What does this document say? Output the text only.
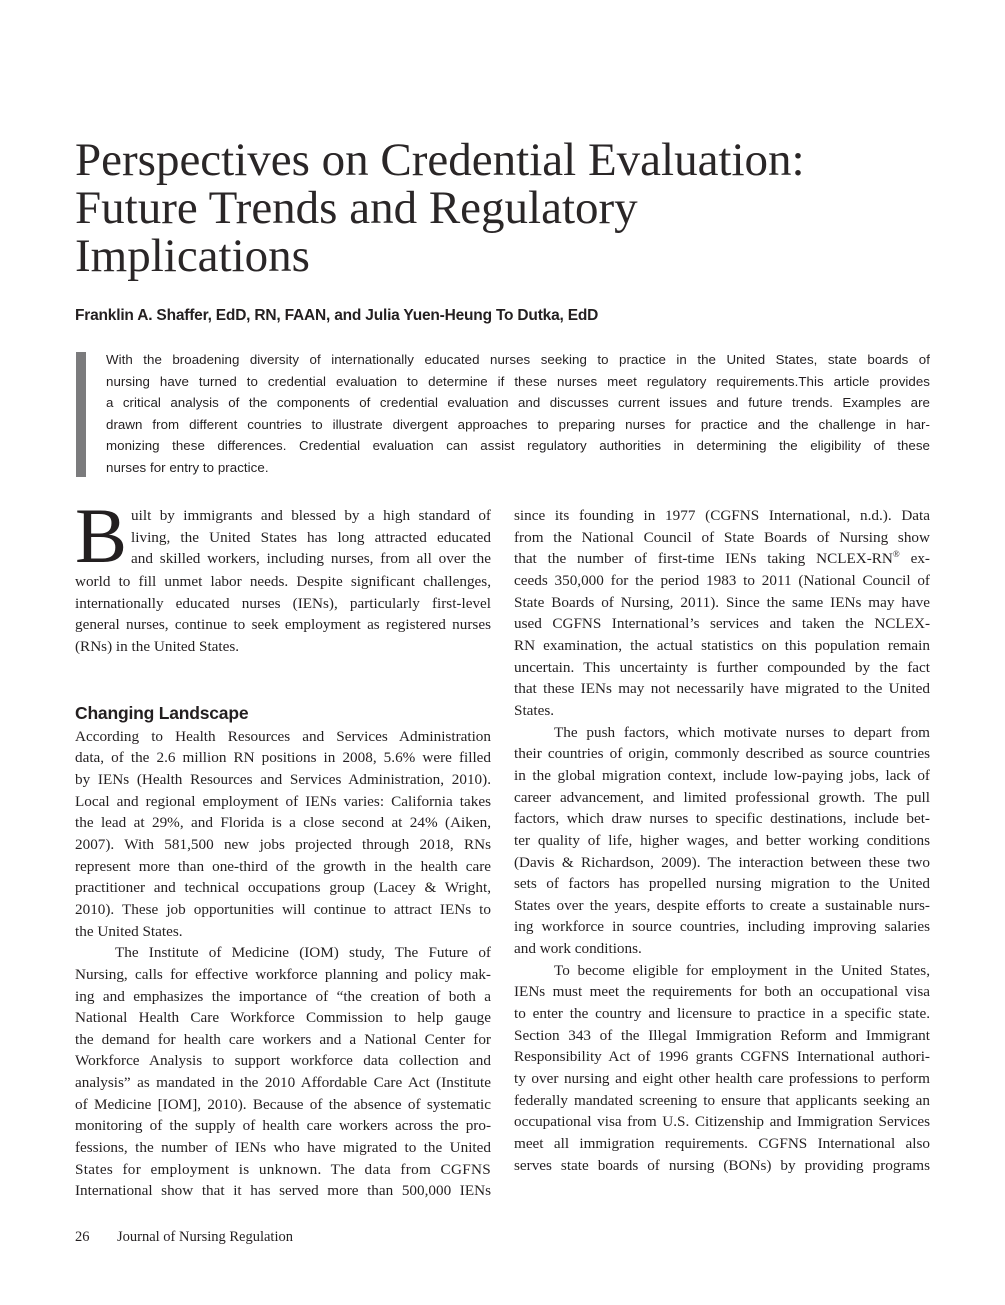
Perspectives on Credential Evaluation:
Future Trends and Regulatory
Implications

Franklin A. Shaffer, EdD, RN, FAAN, and Julia Yuen-Heung To Dutka, EdD

With the broadening diversity of internationally educated nurses seeking to practice in the United States, state boards of
nursing have turned to credential evaluation to determine if these nurses meet regulatory requirements.This article provides
a critical analysis of the components of credential evaluation and discusses current issues and future trends. Examples are
drawn from different countries to illustrate divergent approaches to preparing nurses for practice and the challenge in har-
monizing these differences. Credential evaluation can assist regulatory authorities in determining the eligibility of these
nurses for entry to practice.

B uilt by immigrants and blessed by a high standard of
living, the United States has long attracted educated
and skilled workers, including nurses, from all over the
world to fill unmet labor needs. Despite significant challenges,
internationally educated nurses (IENs), particularly first-level
general nurses, continue to seek employment as registered nurses
(RNs) in the United States.
Changing Landscape
According to Health Resources and Services Administration
data, of the 2.6 million RN positions in 2008, 5.6% were filled
by IENs (Health Resources and Services Administration, 2010).
Local and regional employment of IENs varies: California takes
the lead at 29%, and Florida is a close second at 24% (Aiken,
2007). With 581,500 new jobs projected through 2018, RNs
represent more than one-third of the growth in the health care
practitioner and technical occupations group (Lacey & Wright,
2010). These job opportunities will continue to attract IENs to
the United States.
The Institute of Medicine (IOM) study, The Future of
Nursing, calls for effective workforce planning and policy mak-
ing and emphasizes the importance of “the creation of both a
National Health Care Workforce Commission to help gauge
the demand for health care workers and a National Center for
Workforce Analysis to support workforce data collection and
analysis” as mandated in the 2010 Affordable Care Act (Institute
of Medicine [IOM], 2010). Because of the absence of systematic
monitoring of the supply of health care workers across the pro-
fessions, the number of IENs who have migrated to the United
States for employment is unknown. The data from CGFNS
International show that it has served more than 500,000 IENs
since its founding in 1977 (CGFNS International, n.d.). Data
from the National Council of State Boards of Nursing show
that the number of first-time IENs taking NCLEX-RN® ex-
ceeds 350,000 for the period 1983 to 2011 (National Council of
State Boards of Nursing, 2011). Since the same IENs may have
used CGFNS International’s services and taken the NCLEX-
RN examination, the actual statistics on this population remain
uncertain. This uncertainty is further compounded by the fact
that these IENs may not necessarily have migrated to the United
States.
The push factors, which motivate nurses to depart from
their countries of origin, commonly described as source countries
in the global migration context, include low-paying jobs, lack of
career advancement, and limited professional growth. The pull
factors, which draw nurses to specific destinations, include bet-
ter quality of life, higher wages, and better working conditions
(Davis & Richardson, 2009). The interaction between these two
sets of factors has propelled nursing migration to the United
States over the years, despite efforts to create a sustainable nurs-
ing workforce in source countries, including improving salaries
and work conditions.
To become eligible for employment in the United States,
IENs must meet the requirements for both an occupational visa
to enter the country and licensure to practice in a specific state.
Section 343 of the Illegal Immigration Reform and Immigrant
Responsibility Act of 1996 grants CGFNS International authori-
ty over nursing and eight other health care professions to perform
federally mandated screening to ensure that applicants seeking an
occupational visa from U.S. Citizenship and Immigration Services
meet all immigration requirements. CGFNS International also
serves state boards of nursing (BONs) by providing programs
26 Journal of Nursing Regulation
